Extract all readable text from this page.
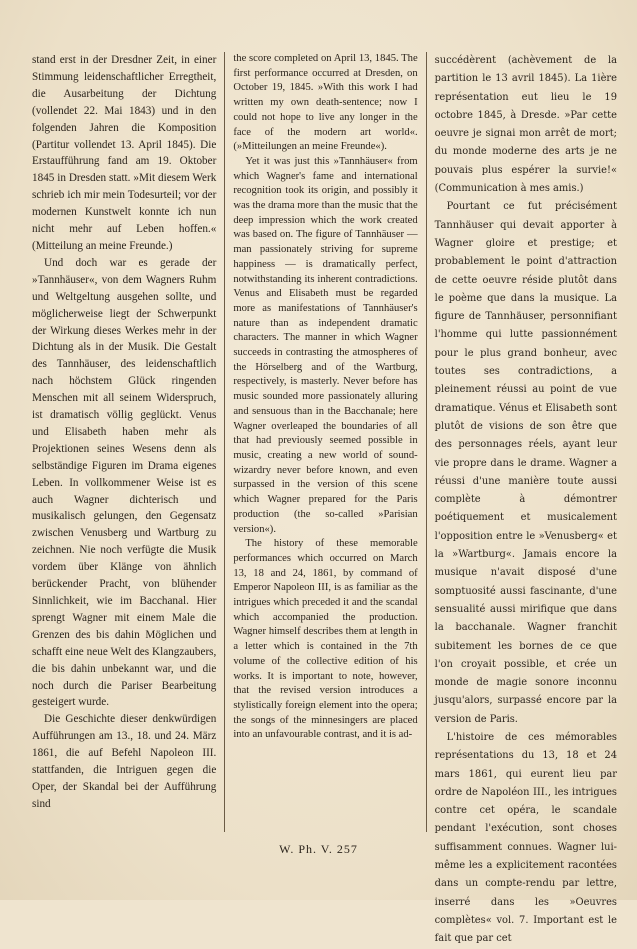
stand erst in der Dresdner Zeit, in einer Stimmung leidenschaftlicher Erregtheit, die Ausarbeitung der Dichtung (vollendet 22. Mai 1843) und in den folgenden Jahren die Komposition (Partitur vollendet 13. April 1845). Die Erstaufführung fand am 19. Oktober 1845 in Dresden statt. »Mit diesem Werk schrieb ich mir mein Todesurteil; vor der modernen Kunstwelt konnte ich nun nicht mehr auf Leben hoffen.« (Mitteilung an meine Freunde.)

Und doch war es gerade der »Tannhäuser«, von dem Wagners Ruhm und Weltgeltung ausgehen sollte, und möglicherweise liegt der Schwerpunkt der Wirkung dieses Werkes mehr in der Dichtung als in der Musik. Die Gestalt des Tannhäuser, des leidenschaftlich nach höchstem Glück ringenden Menschen mit all seinem Widerspruch, ist dramatisch völlig geglückt. Venus und Elisabeth haben mehr als Projektionen seines Wesens denn als selbständige Figuren im Drama eigenes Leben. In vollkommener Weise ist es auch Wagner dichterisch und musikalisch gelungen, den Gegensatz zwischen Venusberg und Wartburg zu zeichnen. Nie noch verfügte die Musik vordem über Klänge von ähnlich berückender Pracht, von blühender Sinnlichkeit, wie im Bacchanal. Hier sprengt Wagner mit einem Male die Grenzen des bis dahin Möglichen und schafft eine neue Welt des Klangzaubers, die bis dahin unbekannt war, und die noch durch die Pariser Bearbeitung gesteigert wurde.

Die Geschichte dieser denkwürdigen Aufführungen am 13., 18. und 24. März 1861, die auf Befehl Napoleon III. stattfanden, die Intriguen gegen die Oper, der Skandal bei der Aufführung sind

the score completed on April 13, 1845. The first performance occurred at Dresden, on October 19, 1845. »With this work I had written my own death-sentence; now I could not hope to live any longer in the face of the modern art world«. (»Mitteilungen an meine Freunde«).

Yet it was just this »Tannhäuser« from which Wagner's fame and international recognition took its origin, and possibly it was the drama more than the music that the deep impression which the work created was based on. The figure of Tannhäuser — man passionately striving for supreme happiness — is dramatically perfect, notwithstanding its inherent contradictions. Venus and Elisabeth must be regarded more as manifestations of Tannhäuser's nature than as independent dramatic characters. The manner in which Wagner succeeds in contrasting the atmospheres of the Hörselberg and of the Wartburg, respectively, is masterly. Never before has music sounded more passionately alluring and sensuous than in the Bacchanale; here Wagner overleaped the boundaries of all that had previously seemed possible in music, creating a new world of sound-wizardry never before known, and even surpassed in the version of this scene which Wagner prepared for the Paris production (the so-called »Parisian version«).

The history of these memorable performances which occurred on March 13, 18 and 24, 1861, by command of Emperor Napoleon III, is as familiar as the intrigues which preceded it and the scandal which accompanied the production. Wagner himself describes them at length in a letter which is contained in the 7th volume of the collective edition of his works. It is important to note, however, that the revised version introduces a stylistically foreign element into the opera; the songs of the minnesingers are placed into an unfavourable contrast, and it is ad-

succédèrent (achèvement de la partition le 13 avril 1845). La 1ière représentation eut lieu le 19 octobre 1845, à Dresde. »Par cette oeuvre je signai mon arrêt de mort; du monde moderne des arts je ne pouvais plus espérer la survie!« (Communication à mes amis.)

Pourtant ce fut précisément Tannhäuser qui devait apporter à Wagner gloire et prestige; et probablement le point d'attraction de cette oeuvre réside plutôt dans le poème que dans la musique. La figure de Tannhäuser, personnifiant l'homme qui lutte passionnément pour le plus grand bonheur, avec toutes ses contradictions, a pleinement réussi au point de vue dramatique. Vénus et Elisabeth sont plutôt de visions de son être que des personnages réels, ayant leur vie propre dans le drame. Wagner a réussi d'une manière toute aussi complète à démontrer poétiquement et musicalement l'opposition entre le »Venusberg« et la »Wartburg«. Jamais encore la musique n'avait disposé d'une somptuosité aussi fascinante, d'une sensualité aussi mirifique que dans la bacchanale. Wagner franchit subitement les bornes de ce que l'on croyait possible, et crée un monde de magie sonore inconnu jusqu'alors, surpassé encore par la version de Paris.

L'histoire de ces mémorables représentations du 13, 18 et 24 mars 1861, qui eurent lieu par ordre de Napoléon III., les intrigues contre cet opéra, le scandale pendant l'exécution, sont choses suffisamment connues. Wagner lui-même les a explicitement racontées dans un compte-rendu par lettre, inserré dans les »Oeuvres complètes« vol. 7. Important est le fait que par cet

W. Ph. V. 257
